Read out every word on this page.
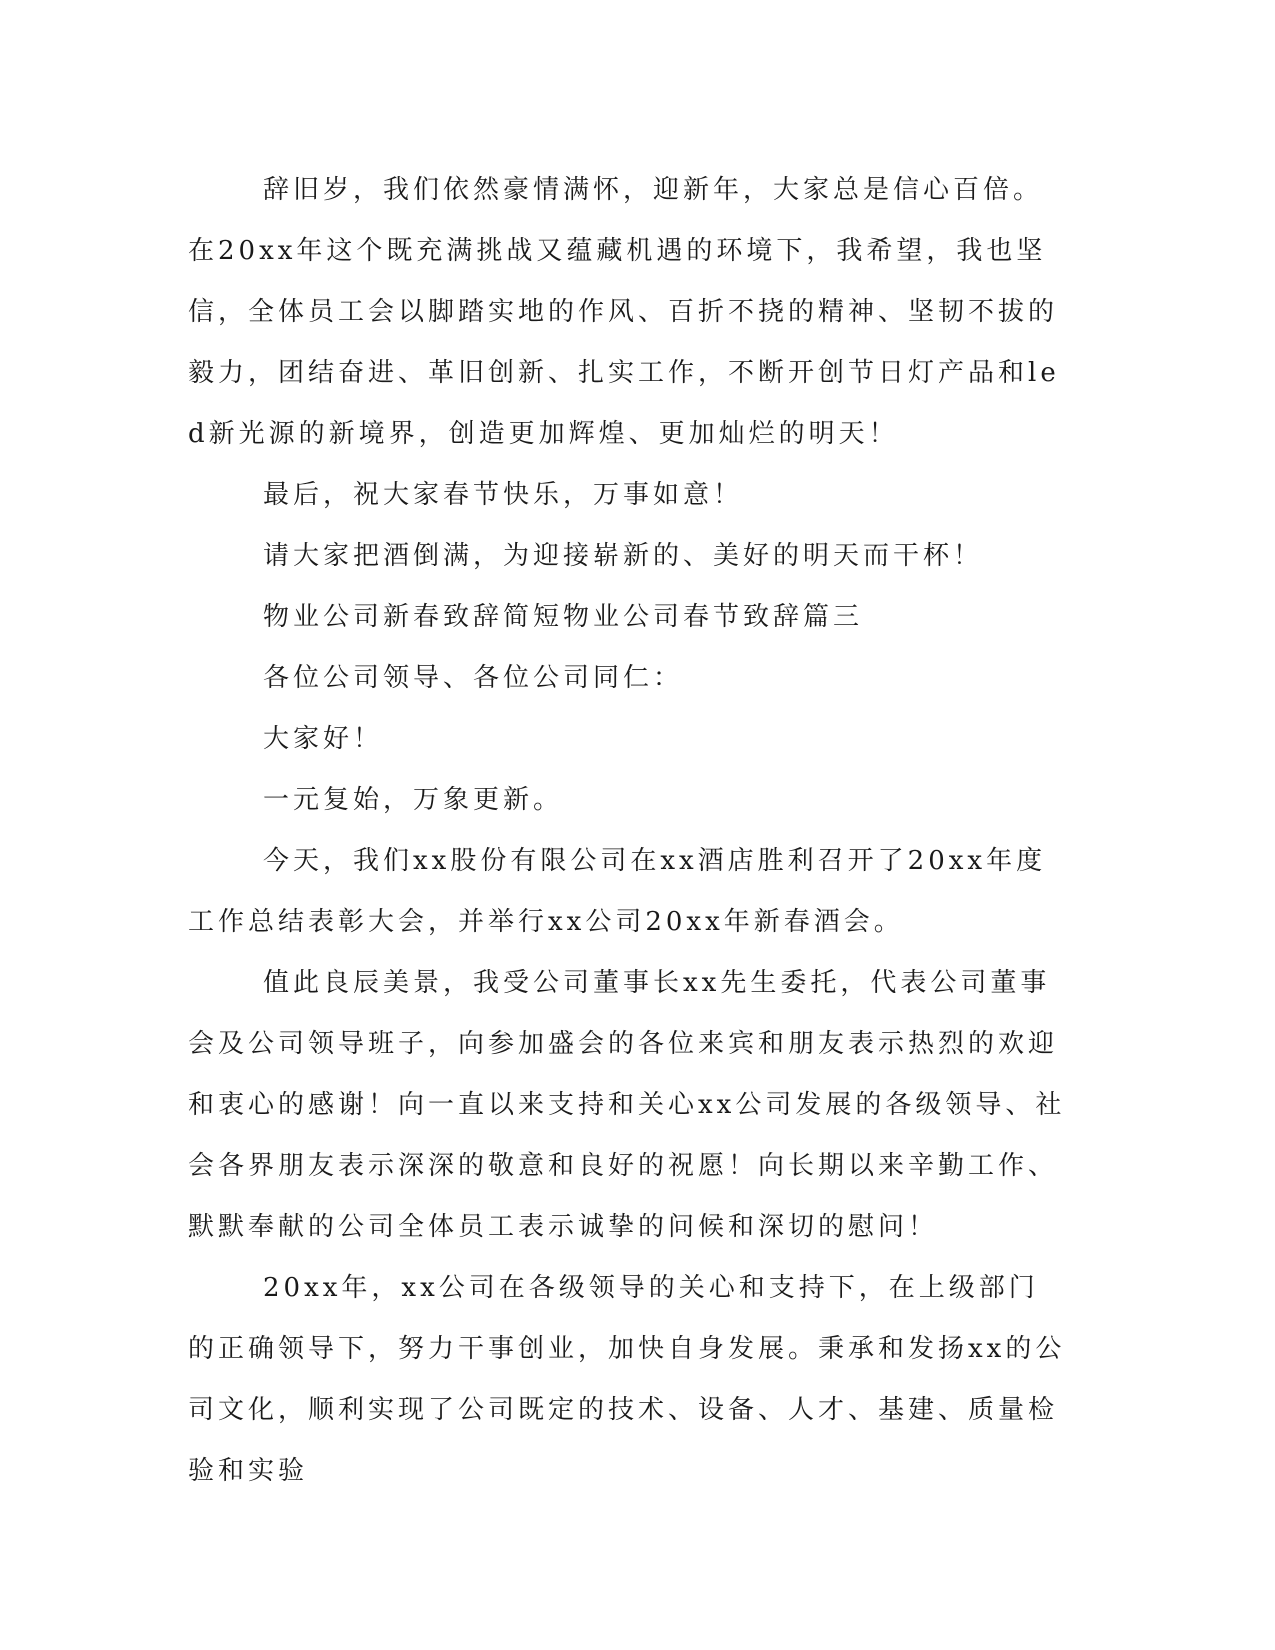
辞旧岁，我们依然豪情满怀，迎新年，大家总是信心百倍。在20xx年这个既充满挑战又蕴藏机遇的环境下，我希望，我也坚信，全体员工会以脚踏实地的作风、百折不挠的精神、坚韧不拔的毅力，团结奋进、革旧创新、扎实工作，不断开创节日灯产品和led新光源的新境界，创造更加辉煌、更加灿烂的明天！

最后，祝大家春节快乐，万事如意！

请大家把酒倒满，为迎接崭新的、美好的明天而干杯！

物业公司新春致辞简短物业公司春节致辞篇三

各位公司领导、各位公司同仁：

大家好！

一元复始，万象更新。

今天，我们xx股份有限公司在xx酒店胜利召开了20xx年度工作总结表彰大会，并举行xx公司20xx年新春酒会。

值此良辰美景，我受公司董事长xx先生委托，代表公司董事会及公司领导班子，向参加盛会的各位来宾和朋友表示热烈的欢迎和衷心的感谢！向一直以来支持和关心xx公司发展的各级领导、社会各界朋友表示深深的敬意和良好的祝愿！向长期以来辛勤工作、默默奉献的公司全体员工表示诚挚的问候和深切的慰问！

20xx年，xx公司在各级领导的关心和支持下，在上级部门的正确领导下，努力干事创业，加快自身发展。秉承和发扬xx的公司文化，顺利实现了公司既定的技术、设备、人才、基建、质量检验和实验
